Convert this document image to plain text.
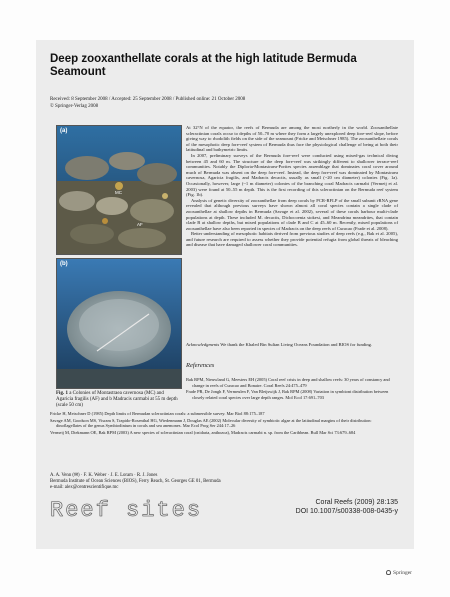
Deep zooxanthellate corals at the high latitude Bermuda Seamount
Received: 8 September 2008 / Accepted: 25 September 2008 / Published online: 21 October 2008
© Springer-Verlag 2008
(a)
MC
AF
(b)
Fig. 1 a Colonies of Montastraea cavernosa (MC) and Agaricia fragilis (AF) and b Madracis carmabi at 55 m depth (scale 50 cm)

At 32°N of the equator, the reefs of Bermuda are among the most northerly in the world. Zooxanthellate scleractinian corals occur to depths of 50–70 m where they form a largely unexplored deep fore-reef slope, before giving way to rhodolith fields on the side of the seamount (Fricke and Meischner 1985). The zooxanthellate corals of the mesophotic deep fore-reef system of Bermuda thus face the physiological challenge of being at both their latitudinal and bathymetric limits.

In 2007, preliminary surveys of the Bermuda fore-reef were conducted using mixed-gas technical diving between 45 and 60 m. The structure of the deep fore-reef was strikingly different to shallower terrace-reef communities. Notably the Diploria-Montastraea-Porites species assemblage that dominates coral cover around much of Bermuda was absent on the deep fore-reef. Instead, the deep fore-reef was dominated by Montastraea cavernosa, Agaricia fragilis, and Madracis decactis, usually as small (~20 cm diameter) colonies (Fig. 1a). Occasionally, however, large (~1 m diameter) colonies of the branching coral Madracis carmabi (Vermeij et al. 2003) were found at 50–55 m depth. This is the first recording of this scleractinian on the Bermuda reef system (Fig. 1b).

Analysis of genetic diversity of zooxanthellae from deep corals by PCR-RFLP of the small subunit rRNA gene revealed that although previous surveys have shown almost all coral species contain a single clade of zooxanthellae at shallow depths in Bermuda (Savage et al. 2002), several of these corals harbour multi-clade populations at depth. These included M. decactis, Dichocoenia stokesi, and Meandrina meandrites, that contain clade B at shallow depths, but mixed populations of clade B and C at 45–60 m. Recently, mixed populations of zooxanthellae have also been reported in species of Madracis on the deep reefs of Curacao (Frade et al. 2008).

Better understanding of mesophotic habitats derived from previous studies of deep reefs (e.g., Bak et al. 2005), and future research are required to assess whether they provide potential refugia from global threats of bleaching and disease that have damaged shallower coral communities.

Acknowledgments We thank the Khaled Bin Sultan Living Oceans Foundation and BIOS for funding.
References

Bak RPM, Nieuwland G, Meesters EH (2005) Coral reef crisis in deep and shallow reefs: 30 years of constancy and change in reefs of Curacao and Bonaire. Coral Reefs 24:475–479

Frade PR, De Jongh F, Vermeulen F, Van Bleijswijk J, Bak RPM (2008) Variation in symbiont distribution between closely related coral species over large depth ranges. Mol Ecol 17:691–703

Fricke H, Meischner D (1985) Depth limits of Bermudan scleractinian corals: a submersible survey. Mar Biol 88:175–187

Savage AM, Goodson MS, Visram S, Trapido-Rosenthal HG, Wiedenmann J, Douglas AE (2002) Molecular diversity of symbiotic algae at the latitudinal margins of their distribution: dinoflagellates of the genus Symbiodinium in corals and sea anemones. Mar Ecol Prog Ser 244:17–26

Vermeij M, Diekmann OE, Bak RPM (2003) A new species of scleractinian coral (cnidaria, anthozoa), Madracis carmabi n. sp. from the Caribbean. Bull Mar Sci 73:679–684

A. A. Venn (✉) · F. K. Weber · J. E. Loram · R. J. Jones
Bermuda Institute of Ocean Sciences (BIOS), Ferry Reach, St. Georges GE 01, Bermuda
e-mail: alex@centrescientifique.mc
Reef sites	Coral Reefs (2009) 28:135
DOI 10.1007/s00338-008-0435-y
Springer
